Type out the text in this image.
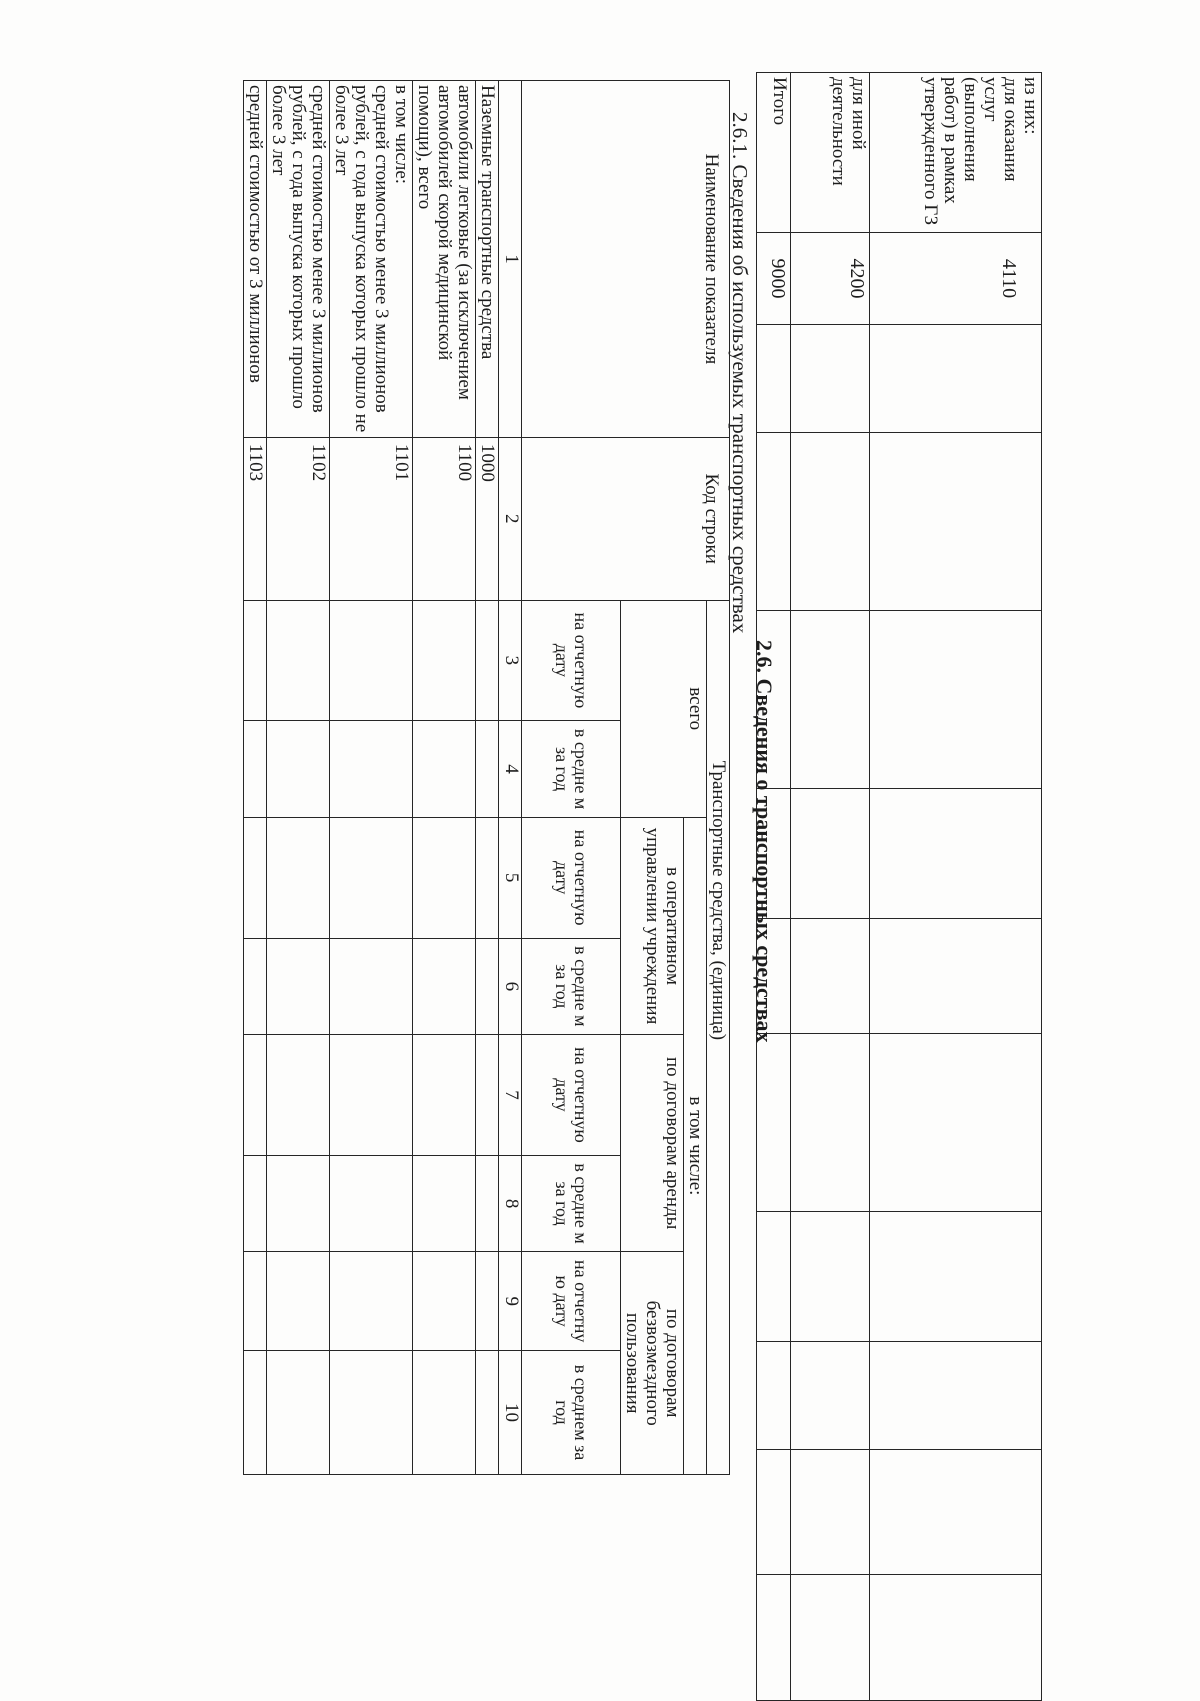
из них:
для оказания услуг (выполнения работ) в рамках утвержденного ГЗ	4110										
для иной деятельности	4200										
Итого	9000										
2.6. Сведения о транспортных средствах
2.6.1. Сведения об используемых транспортных средствах
Наименование показателя	Код строки	Транспортные средства, (единица)							
		всего		в том числе:					
				в оперативном управлении учреждения		по договорам аренды		по договорам безвозмездного пользования	
		на отчетную дату	в средне м за год	на отчетную дату	в средне м за год	на отчетную дату	в средне м за год	на отчетну ю дату	в среднем за год
1	2	3	4	5	6	7	8	9	10
Наземные транспортные средства	1000								
автомобили легковые (за исключением автомобилей скорой медицинской помощи), всего	1100								
в том числе:
средней стоимостью менее 3 миллионов рублей, с года выпуска которых прошло не более 3 лет	1101								
средней стоимостью менее 3 миллионов рублей, с года выпуска которых прошло более 3 лет	1102								
средней стоимостью от 3 миллионов	1103								
